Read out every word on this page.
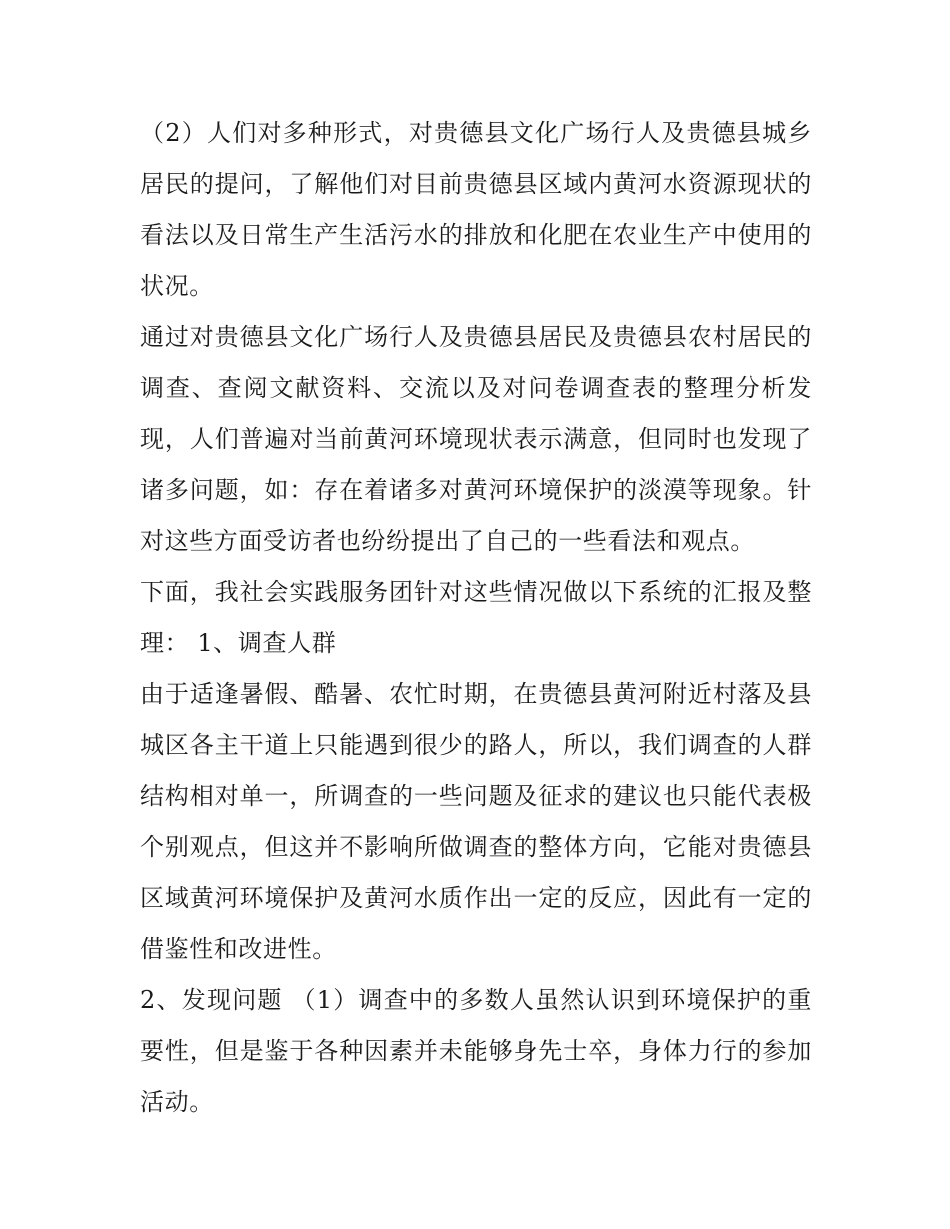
（2）人们对多种形式，对贵德县文化广场行人及贵德县城乡
居民的提问，了解他们对目前贵德县区域内黄河水资源现状的
看法以及日常生产生活污水的排放和化肥在农业生产中使用的
状况。
通过对贵德县文化广场行人及贵德县居民及贵德县农村居民的
调查、查阅文献资料、交流以及对问卷调查表的整理分析发
现，人们普遍对当前黄河环境现状表示满意，但同时也发现了
诸多问题，如：存在着诸多对黄河环境保护的淡漠等现象。针
对这些方面受访者也纷纷提出了自己的一些看法和观点。
下面，我社会实践服务团针对这些情况做以下系统的汇报及整
理： 1、调查人群
由于适逢暑假、酷暑、农忙时期，在贵德县黄河附近村落及县
城区各主干道上只能遇到很少的路人，所以，我们调查的人群
结构相对单一，所调查的一些问题及征求的建议也只能代表极
个别观点，但这并不影响所做调查的整体方向，它能对贵德县
区域黄河环境保护及黄河水质作出一定的反应，因此有一定的
借鉴性和改进性。
2、发现问题 （1）调查中的多数人虽然认识到环境保护的重
要性，但是鉴于各种因素并未能够身先士卒，身体力行的参加
活动。
